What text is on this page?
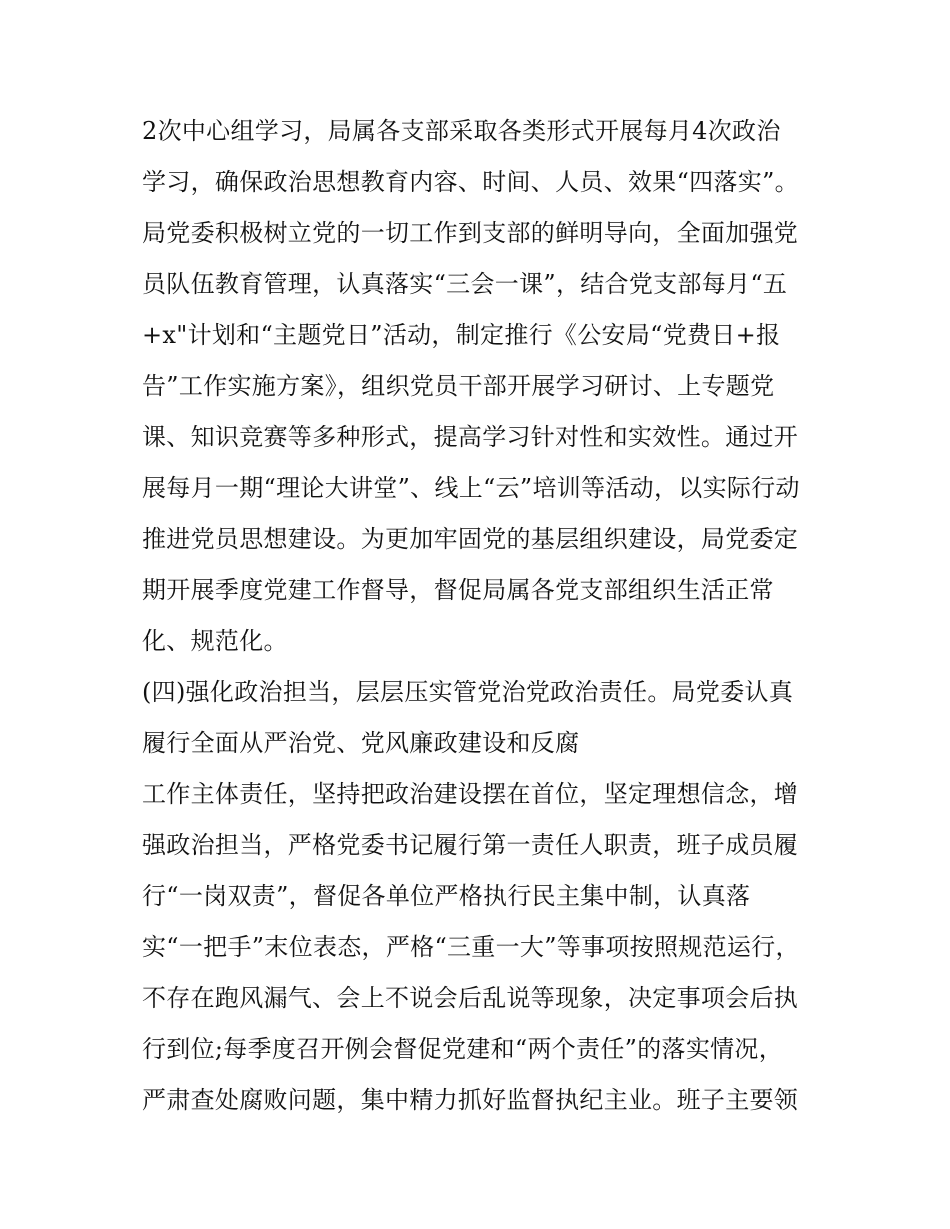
2次中心组学习，局属各支部采取各类形式开展每月4次政治
学习，确保政治思想教育内容、时间、人员、效果“四落实”。
局党委积极树立党的一切工作到支部的鲜明导向，全面加强党
员队伍教育管理，认真落实“三会一课”，结合党支部每月“五
+x"计划和“主题党日”活动，制定推行《公安局“党费日+报
告”工作实施方案》，组织党员干部开展学习研讨、上专题党
课、知识竞赛等多种形式，提高学习针对性和实效性。通过开
展每月一期“理论大讲堂”、线上“云”培训等活动，以实际行动
推进党员思想建设。为更加牢固党的基层组织建设，局党委定
期开展季度党建工作督导，督促局属各党支部组织生活正常
化、规范化。
(四)强化政治担当，层层压实管党治党政治责任。局党委认真
履行全面从严治党、党风廉政建设和反腐
工作主体责任，坚持把政治建设摆在首位，坚定理想信念，增
强政治担当，严格党委书记履行第一责任人职责，班子成员履
行“一岗双责”，督促各单位严格执行民主集中制，认真落
实“一把手”末位表态，严格“三重一大”等事项按照规范运行，
不存在跑风漏气、会上不说会后乱说等现象，决定事项会后执
行到位;每季度召开例会督促党建和“两个责任”的落实情况，
严肃查处腐败问题，集中精力抓好监督执纪主业。班子主要领
